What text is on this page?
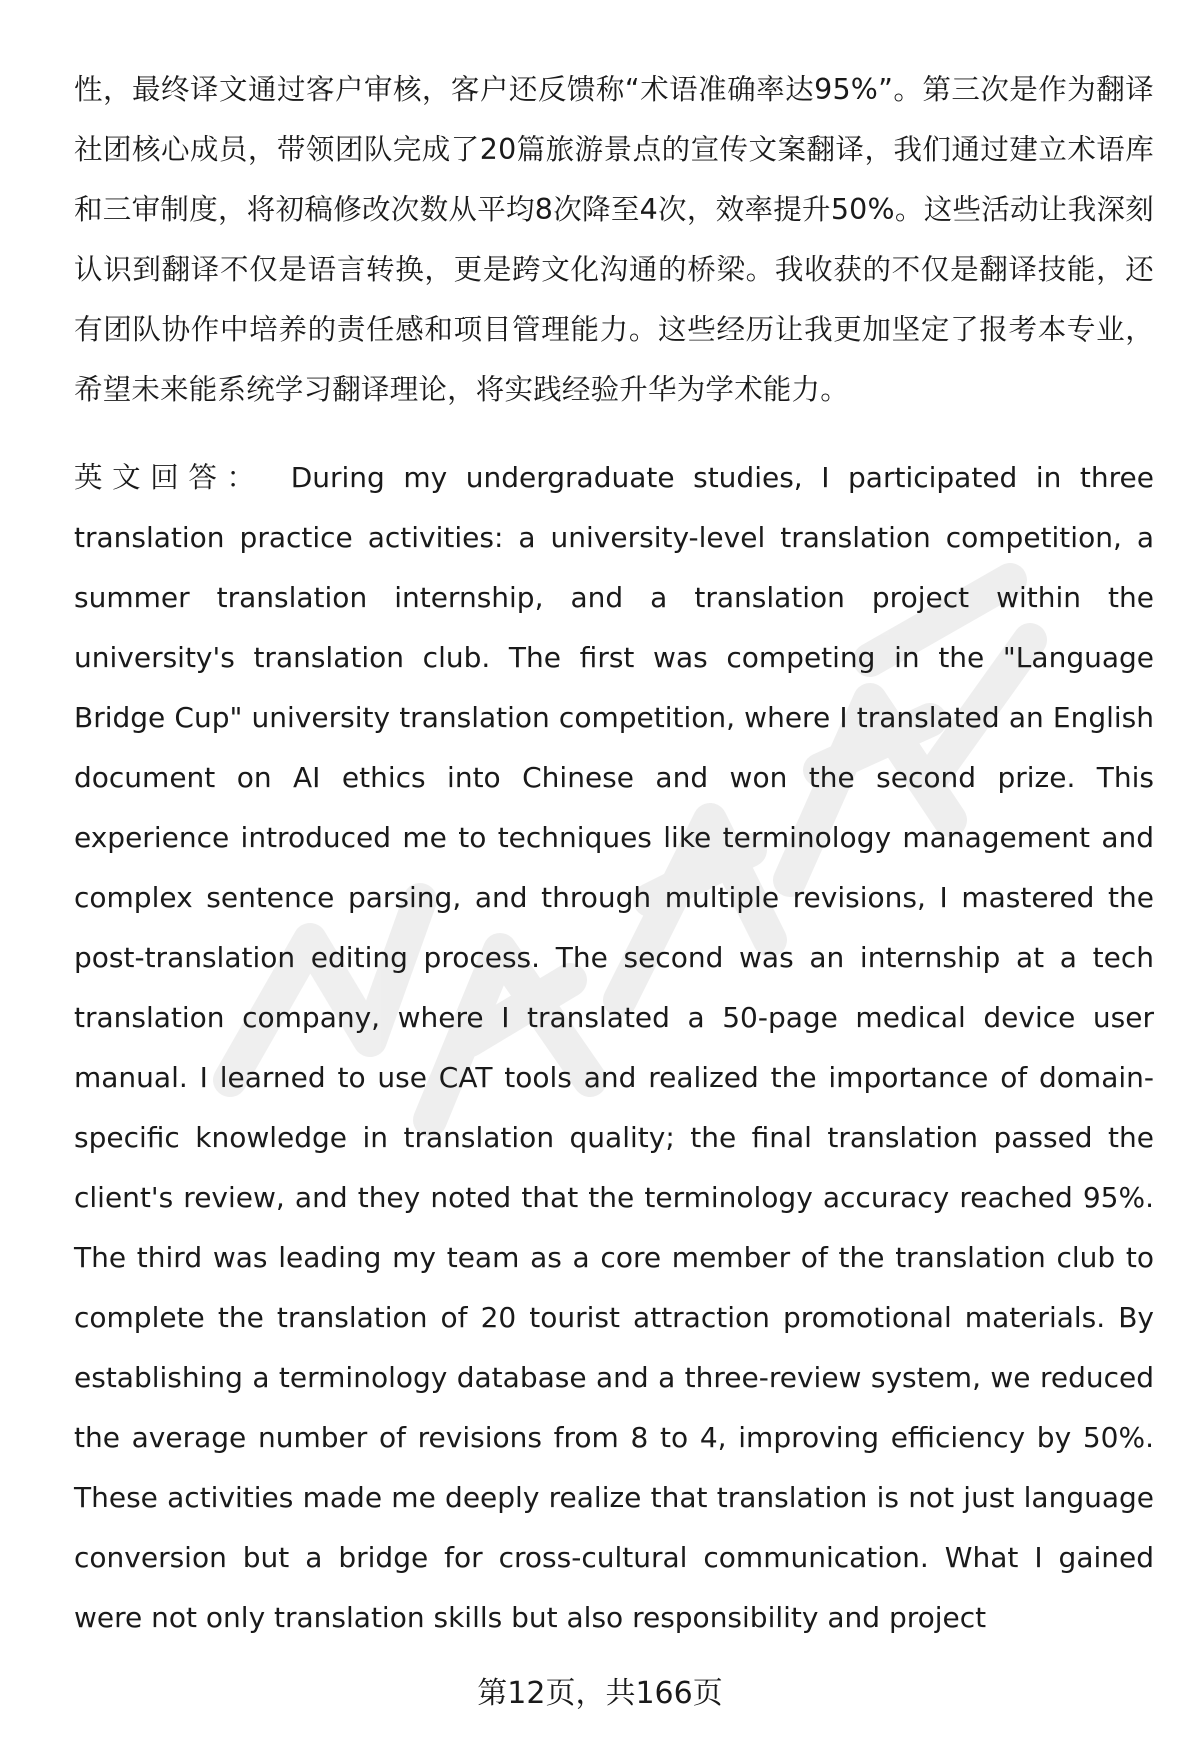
性，最终译文通过客户审核，客户还反馈称“术语准确率达95%”。第三次是作为翻译社团核心成员，带领团队完成了20篇旅游景点的宣传文案翻译，我们通过建立术语库和三审制度，将初稿修改次数从平均8次降至4次，效率提升50%。这些活动让我深刻认识到翻译不仅是语言转换，更是跨文化沟通的桥梁。我收获的不仅是翻译技能，还有团队协作中培养的责任感和项目管理能力。这些经历让我更加坚定了报考本专业，希望未来能系统学习翻译理论，将实践经验升华为学术能力。

英文回答： During my undergraduate studies, I participated in three translation practice activities: a university-level translation competition, a summer translation internship, and a translation project within the university's translation club. The first was competing in the "Language Bridge Cup" university translation competition, where I translated an English document on AI ethics into Chinese and won the second prize. This experience introduced me to techniques like terminology management and complex sentence parsing, and through multiple revisions, I mastered the post-translation editing process. The second was an internship at a tech translation company, where I translated a 50-page medical device user manual. I learned to use CAT tools and realized the importance of domain-specific knowledge in translation quality; the final translation passed the client's review, and they noted that the terminology accuracy reached 95%. The third was leading my team as a core member of the translation club to complete the translation of 20 tourist attraction promotional materials. By establishing a terminology database and a three-review system, we reduced the average number of revisions from 8 to 4, improving efficiency by 50%. These activities made me deeply realize that translation is not just language conversion but a bridge for cross-cultural communication. What I gained were not only translation skills but also responsibility and project

第12页，共166页
